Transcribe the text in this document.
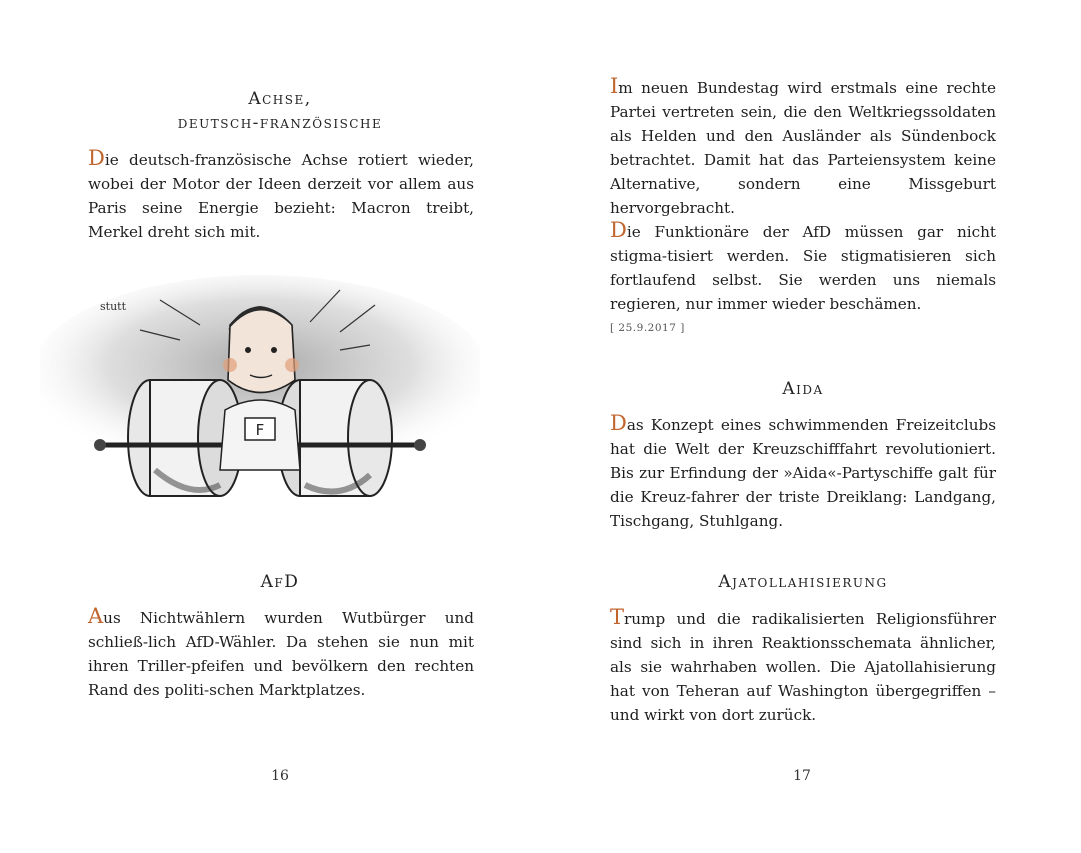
Achse,
deutsch-französische

Die deutsch-französische Achse rotiert wieder, wobei der Motor der Ideen derzeit vor allem aus Paris seine Energie bezieht: Macron treibt, Merkel dreht sich mit.

stutt
F
AfD

Aus Nichtwählern wurden Wutbürger und schließ-lich AfD-Wähler. Da stehen sie nun mit ihren Triller-pfeifen und bevölkern den rechten Rand des politi-schen Marktplatzes.

16

Im neuen Bundestag wird erstmals eine rechte Partei vertreten sein, die den Weltkriegssoldaten als Helden und den Ausländer als Sündenbock betrachtet. Damit hat das Parteiensystem keine Alternative, sondern eine Missgeburt hervorgebracht.

Die Funktionäre der AfD müssen gar nicht stigma-tisiert werden. Sie stigmatisieren sich fortlaufend selbst. Sie werden uns niemals regieren, nur immer wieder beschämen.

[ 25.9.2017 ]
Aida

Das Konzept eines schwimmenden Freizeitclubs hat die Welt der Kreuzschifffahrt revolutioniert. Bis zur Erfindung der »Aida«-Partyschiffe galt für die Kreuz-fahrer der triste Dreiklang: Landgang, Tischgang, Stuhlgang.

Ajatollahisierung

Trump und die radikalisierten Religionsführer sind sich in ihren Reaktionsschemata ähnlicher, als sie wahrhaben wollen. Die Ajatollahisierung hat von Teheran auf Washington übergegriffen – und wirkt von dort zurück.

17
